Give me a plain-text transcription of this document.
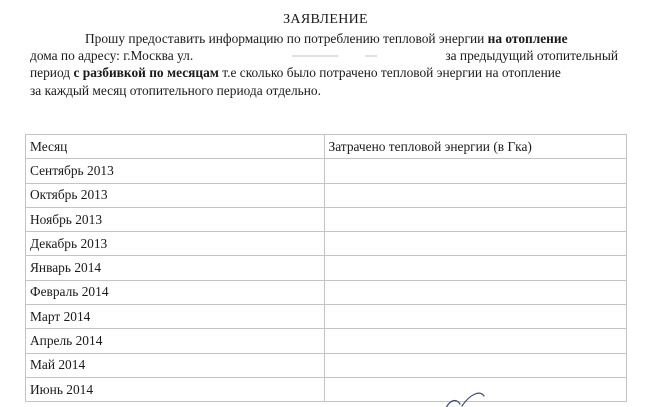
ЗАЯВЛЕНИЕ
Прошу предоставить информацию по потреблению тепловой энергии на отопление
дома по адресу: г.Москва ул.	за предыдущий отопительный
период с разбивкой по месяцам т.е сколько было потрачено тепловой энергии на отопление
за каждый месяц отопительного периода отдельно.
Месяц	Затрачено тепловой энергии (в Гка)
Сентябрь 2013	
Октябрь 2013	
Ноябрь 2013	
Декабрь 2013	
Январь 2014	
Февраль 2014	
Март 2014	
Апрель 2014	
Май 2014	
Июнь 2014	
